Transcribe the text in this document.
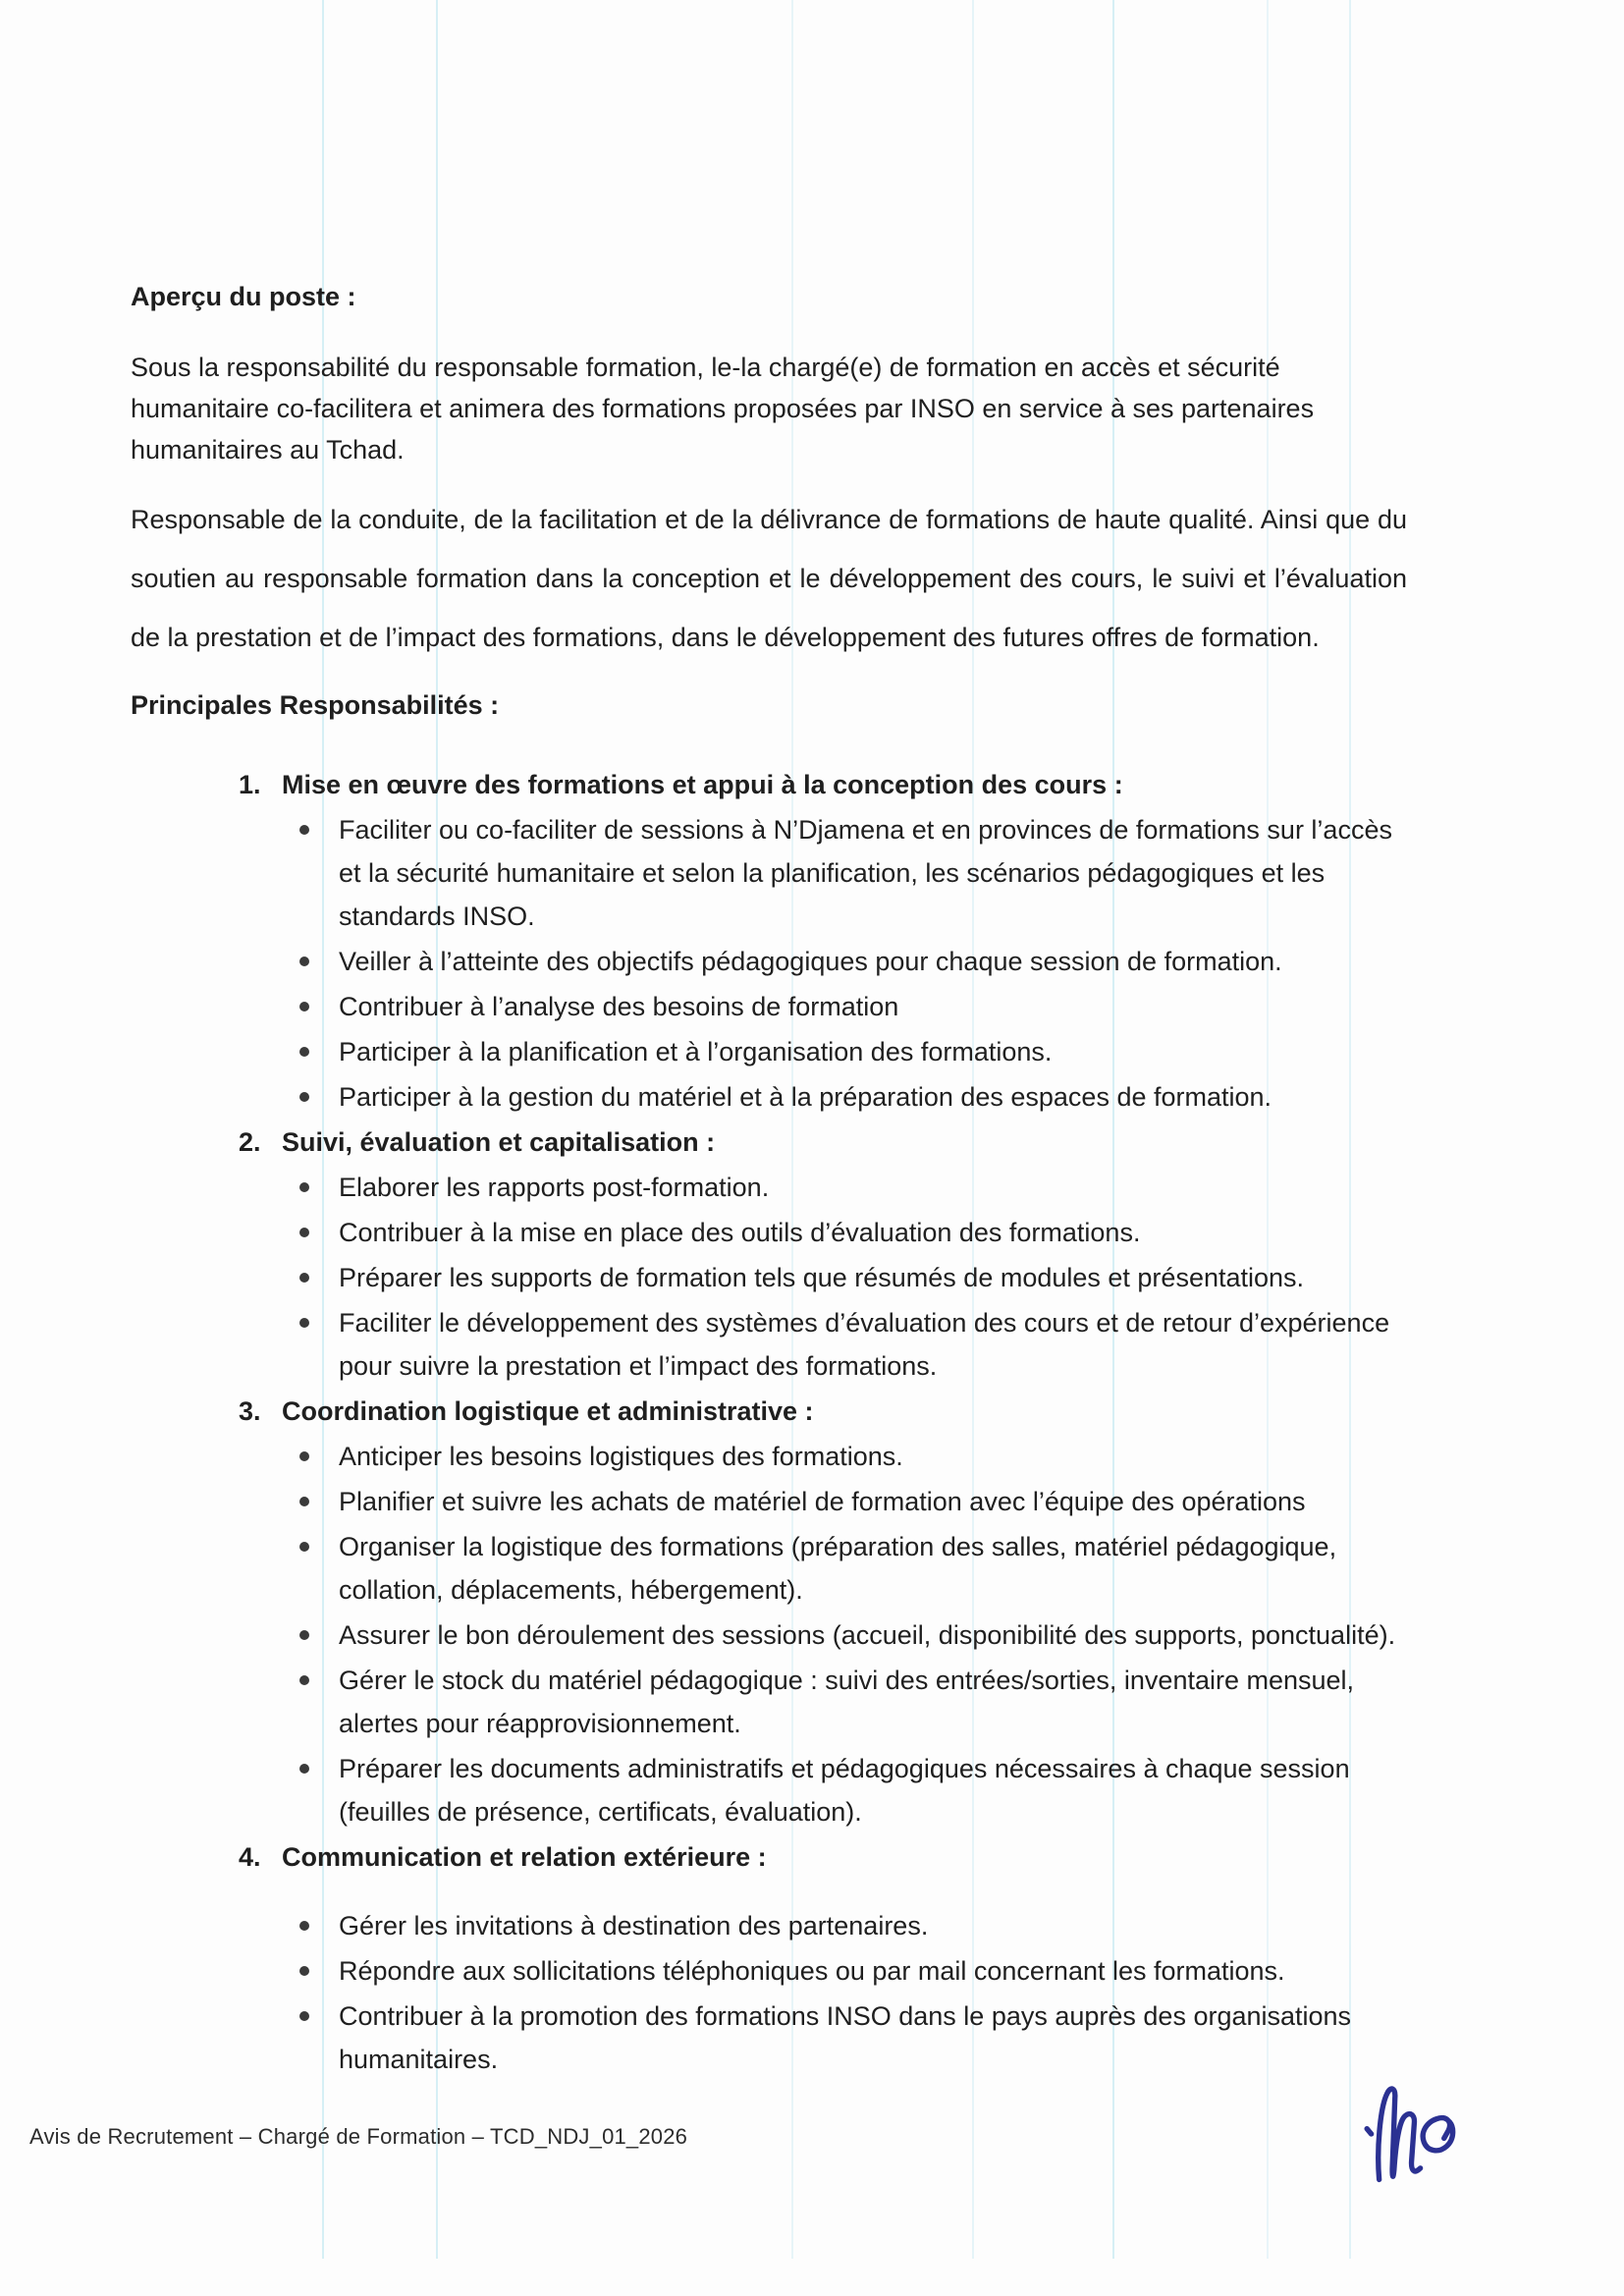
Aperçu du poste :

Sous la responsabilité du responsable formation, le-la chargé(e) de formation en accès et sécurité humanitaire co-facilitera et animera des formations proposées par INSO en service à ses partenaires humanitaires au Tchad.

Responsable de la conduite, de la facilitation et de la délivrance de formations de haute qualité. Ainsi que du soutien au responsable formation dans la conception et le développement des cours, le suivi et l’évaluation de la prestation et de l’impact des formations, dans le développement des futures offres de formation.

Principales Responsabilités :
1. Mise en œuvre des formations et appui à la conception des cours :
Faciliter ou co-faciliter de sessions à N’Djamena et en provinces de formations sur l’accès et la sécurité humanitaire et selon la planification, les scénarios pédagogiques et les standards INSO.
Veiller à l’atteinte des objectifs pédagogiques pour chaque session de formation.
Contribuer à l’analyse des besoins de formation
Participer à la planification et à l’organisation des formations.
Participer à la gestion du matériel et à la préparation des espaces de formation.
2. Suivi, évaluation et capitalisation :
Elaborer les rapports post-formation.
Contribuer à la mise en place des outils d’évaluation des formations.
Préparer les supports de formation tels que résumés de modules et présentations.
Faciliter le développement des systèmes d’évaluation des cours et de retour d’expérience pour suivre la prestation et l’impact des formations.
3. Coordination logistique et administrative :
Anticiper les besoins logistiques des formations.
Planifier et suivre les achats de matériel de formation avec l’équipe des opérations
Organiser la logistique des formations (préparation des salles, matériel pédagogique, collation, déplacements, hébergement).
Assurer le bon déroulement des sessions (accueil, disponibilité des supports, ponctualité).
Gérer le stock du matériel pédagogique : suivi des entrées/sorties, inventaire mensuel, alertes pour réapprovisionnement.
Préparer les documents administratifs et pédagogiques nécessaires à chaque session (feuilles de présence, certificats, évaluation).
4. Communication et relation extérieure :
Gérer les invitations à destination des partenaires.
Répondre aux sollicitations téléphoniques ou par mail concernant les formations.
Contribuer à la promotion des formations INSO dans le pays auprès des organisations humanitaires.
Avis de Recrutement – Chargé de Formation – TCD_NDJ_01_2026
